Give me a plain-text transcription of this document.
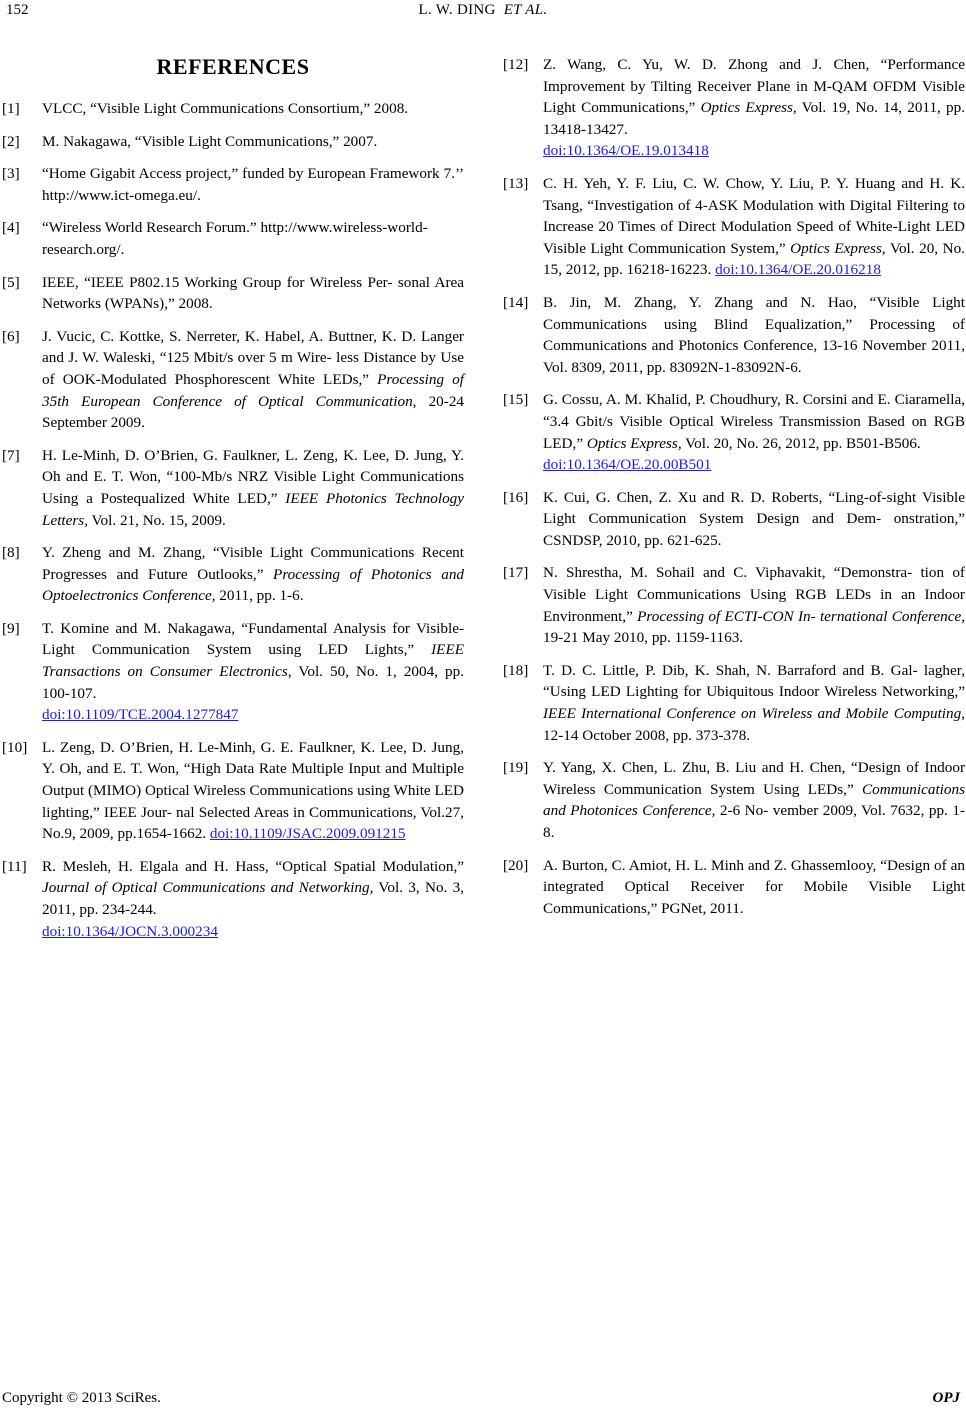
152	L. W. DING ET AL.
REFERENCES
[1]	VLCC, “Visible Light Communications Consortium,” 2008.
[2]	M. Nakagawa, “Visible Light Communications,” 2007.
[3]	“Home Gigabit Access project,” funded by European Framework 7.’’ http://www.ict-omega.eu/.
[4]	“Wireless World Research Forum.” http://www.wireless-world-research.org/.
[5]	IEEE, “IEEE P802.15 Working Group for Wireless Per- sonal Area Networks (WPANs),” 2008.
[6]	J. Vucic, C. Kottke, S. Nerreter, K. Habel, A. Buttner, K. D. Langer and J. W. Waleski, “125 Mbit/s over 5 m Wire- less Distance by Use of OOK-Modulated Phosphorescent White LEDs,” Processing of 35th European Conference of Optical Communication, 20-24 September 2009.
[7]	H. Le-Minh, D. O’Brien, G. Faulkner, L. Zeng, K. Lee, D. Jung, Y. Oh and E. T. Won, “100-Mb/s NRZ Visible Light Communications Using a Postequalized White LED,” IEEE Photonics Technology Letters, Vol. 21, No. 15, 2009.
[8]	Y. Zheng and M. Zhang, “Visible Light Communications Recent Progresses and Future Outlooks,” Processing of Photonics and Optoelectronics Conference, 2011, pp. 1-6.
[9]	T. Komine and M. Nakagawa, “Fundamental Analysis for Visible-Light Communication System using LED Lights,” IEEE Transactions on Consumer Electronics, Vol. 50, No. 1, 2004, pp. 100-107.
doi:10.1109/TCE.2004.1277847
[10] L. Zeng, D. O’Brien, H. Le-Minh, G. E. Faulkner, K. Lee, D. Jung, Y. Oh, and E. T. Won, “High Data Rate Multiple Input and Multiple Output (MIMO) Optical Wireless Communications using White LED lighting,” IEEE Jour- nal Selected Areas in Communications, Vol.27, No.9, 2009, pp.1654-1662. doi:10.1109/JSAC.2009.091215
[11]	R. Mesleh, H. Elgala and H. Hass, “Optical Spatial Modulation,” Journal of Optical Communications and Networking, Vol. 3, No. 3, 2011, pp. 234-244.
doi:10.1364/JOCN.3.000234
[12] Z. Wang, C. Yu, W. D. Zhong and J. Chen, “Performance Improvement by Tilting Receiver Plane in M-QAM OFDM Visible Light Communications,” Optics Express, Vol. 19, No. 14, 2011, pp. 13418-13427.
doi:10.1364/OE.19.013418
[13] C. H. Yeh, Y. F. Liu, C. W. Chow, Y. Liu, P. Y. Huang and H. K. Tsang, “Investigation of 4-ASK Modulation with Digital Filtering to Increase 20 Times of Direct Modulation Speed of White-Light LED Visible Light Communication System,” Optics Express, Vol. 20, No. 15, 2012, pp. 16218-16223. doi:10.1364/OE.20.016218
[14] B. Jin, M. Zhang, Y. Zhang and N. Hao, “Visible Light Communications using Blind Equalization,” Processing of Communications and Photonics Conference, 13-16 November 2011, Vol. 8309, 2011, pp. 83092N-1-83092N-6.
[15] G. Cossu, A. M. Khalid, P. Choudhury, R. Corsini and E. Ciaramella, “3.4 Gbit/s Visible Optical Wireless Transmission Based on RGB LED,” Optics Express, Vol. 20, No. 26, 2012, pp. B501-B506.
doi:10.1364/OE.20.00B501
[16] K. Cui, G. Chen, Z. Xu and R. D. Roberts, “Ling-of-sight Visible Light Communication System Design and Dem- onstration,” CSNDSP, 2010, pp. 621-625.
[17] N. Shrestha, M. Sohail and C. Viphavakit, “Demonstra- tion of Visible Light Communications Using RGB LEDs in an Indoor Environment,” Processing of ECTI-CON In- ternational Conference, 19-21 May 2010, pp. 1159-1163.
[18] T. D. C. Little, P. Dib, K. Shah, N. Barraford and B. Gal- lagher, “Using LED Lighting for Ubiquitous Indoor Wireless Networking,” IEEE International Conference on Wireless and Mobile Computing, 12-14 October 2008, pp. 373-378.
[19] Y. Yang, X. Chen, L. Zhu, B. Liu and H. Chen, “Design of Indoor Wireless Communication System Using LEDs,” Communications and Photonices Conference, 2-6 No- vember 2009, Vol. 7632, pp. 1-8.
[20] A. Burton, C. Amiot, H. L. Minh and Z. Ghassemlooy, “Design of an integrated Optical Receiver for Mobile Visible Light Communications,” PGNet, 2011.
Copyright © 2013 SciRes.	OPJ
